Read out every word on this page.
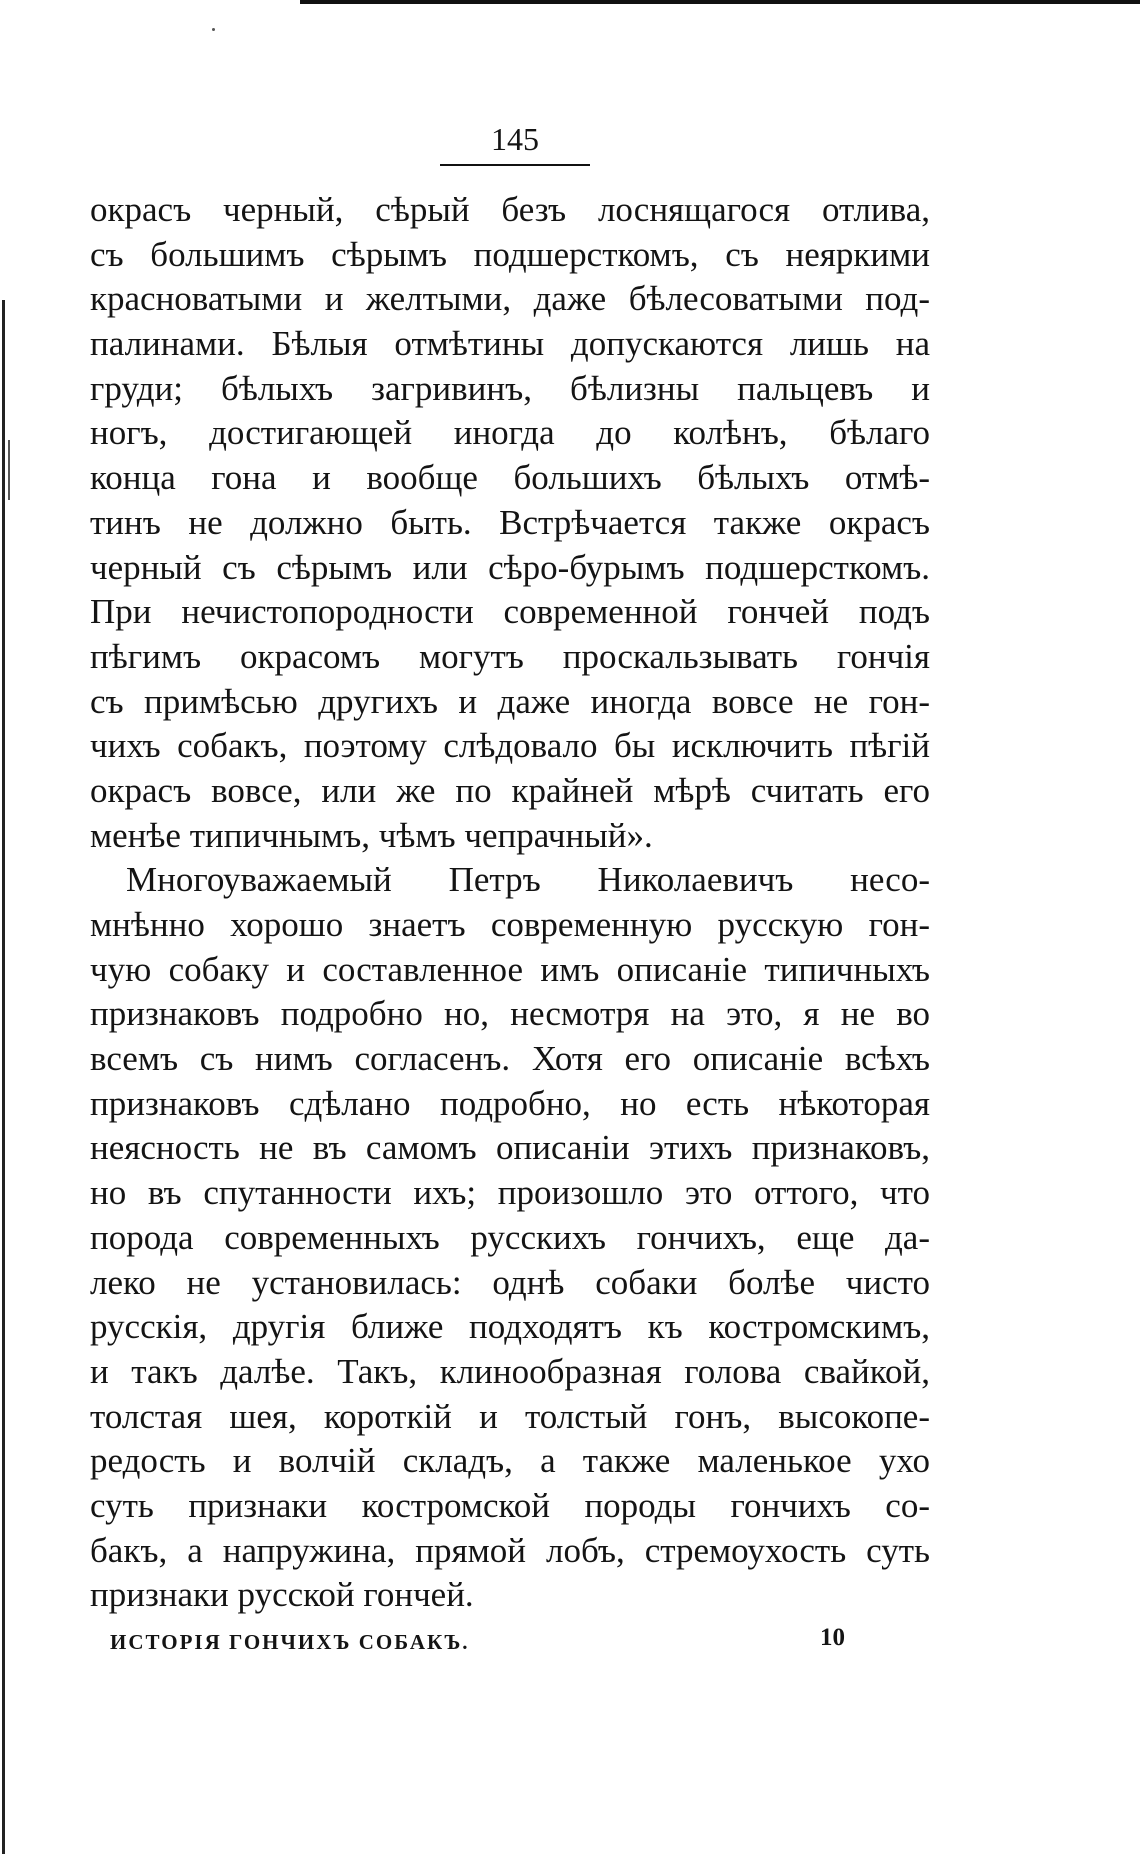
145
окрасъ черный, сѣрый безъ лоснящагося отлива,
съ большимъ сѣрымъ подшерсткомъ, съ неяркими
красноватыми и желтыми, даже бѣлесоватыми под-
палинами. Бѣлыя отмѣтины допускаются лишь на
груди; бѣлыхъ загривинъ, бѣлизны пальцевъ и
ногъ, достигающей иногда до колѣнъ, бѣлаго
конца гона и вообще большихъ бѣлыхъ отмѣ-
тинъ не должно быть. Встрѣчается также окрасъ
черный съ сѣрымъ или сѣро-бурымъ подшерсткомъ.
При нечистопородности современной гончей подъ
пѣгимъ окрасомъ могутъ проскальзывать гончія
съ примѣсью другихъ и даже иногда вовсе не гон-
чихъ собакъ, поэтому слѣдовало бы исключить пѣгій
окрасъ вовсе, или же по крайней мѣрѣ считать его
менѣе типичнымъ, чѣмъ чепрачный».
Многоуважаемый Петръ Николаевичъ несо-
мнѣнно хорошо знаетъ современную русскую гон-
чую собаку и составленное имъ описаніе типичныхъ
признаковъ подробно но, несмотря на это, я не во
всемъ съ нимъ согласенъ. Хотя его описаніе всѣхъ
признаковъ сдѣлано подробно, но есть нѣкоторая
неясность не въ самомъ описаніи этихъ признаковъ,
но въ спутанности ихъ; произошло это оттого, что
порода современныхъ русскихъ гончихъ, еще да-
леко не установилась: однѣ собаки болѣе чисто
русскія, другія ближе подходятъ къ костромскимъ,
и такъ далѣе. Такъ, клинообразная голова свайкой,
толстая шея, короткій и толстый гонъ, высокопе-
редость и волчій складъ, а также маленькое ухо
суть признаки костромской породы гончихъ со-
бакъ, а напружина, прямой лобъ, стремоухость суть
признаки русской гончей.
ИСТОРІЯ ГОНЧИХЪ СОБАКЪ.	10
